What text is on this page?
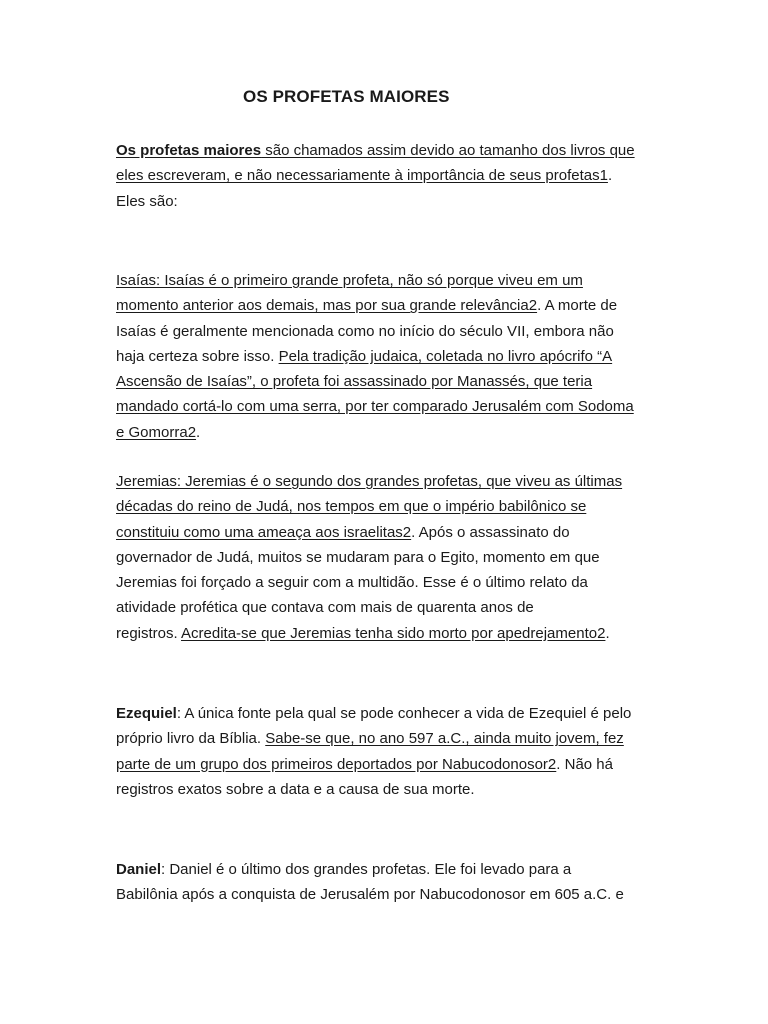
OS PROFETAS MAIORES
Os profetas maiores são chamados assim devido ao tamanho dos livros que
eles escreveram, e não necessariamente à importância de seus profetas1.
Eles são:
Isaías: Isaías é o primeiro grande profeta, não só porque viveu em um
momento anterior aos demais, mas por sua grande relevância2. A morte de
Isaías é geralmente mencionada como no início do século VII, embora não
haja certeza sobre isso. Pela tradição judaica, coletada no livro apócrifo “A
Ascensão de Isaías”, o profeta foi assassinado por Manassés, que teria
mandado cortá-lo com uma serra, por ter comparado Jerusalém com Sodoma
e Gomorra2.
Jeremias: Jeremias é o segundo dos grandes profetas, que viveu as últimas
décadas do reino de Judá, nos tempos em que o império babilônico se
constituiu como uma ameaça aos israelitas2. Após o assassinato do
governador de Judá, muitos se mudaram para o Egito, momento em que
Jeremias foi forçado a seguir com a multidão. Esse é o último relato da
atividade profética que contava com mais de quarenta anos de
registros. Acredita-se que Jeremias tenha sido morto por apedrejamento2.
Ezequiel: A única fonte pela qual se pode conhecer a vida de Ezequiel é pelo
próprio livro da Bíblia. Sabe-se que, no ano 597 a.C., ainda muito jovem, fez
parte de um grupo dos primeiros deportados por Nabucodonosor2. Não há
registros exatos sobre a data e a causa de sua morte.
Daniel: Daniel é o último dos grandes profetas. Ele foi levado para a
Babilônia após a conquista de Jerusalém por Nabucodonosor em 605 a.C. e
